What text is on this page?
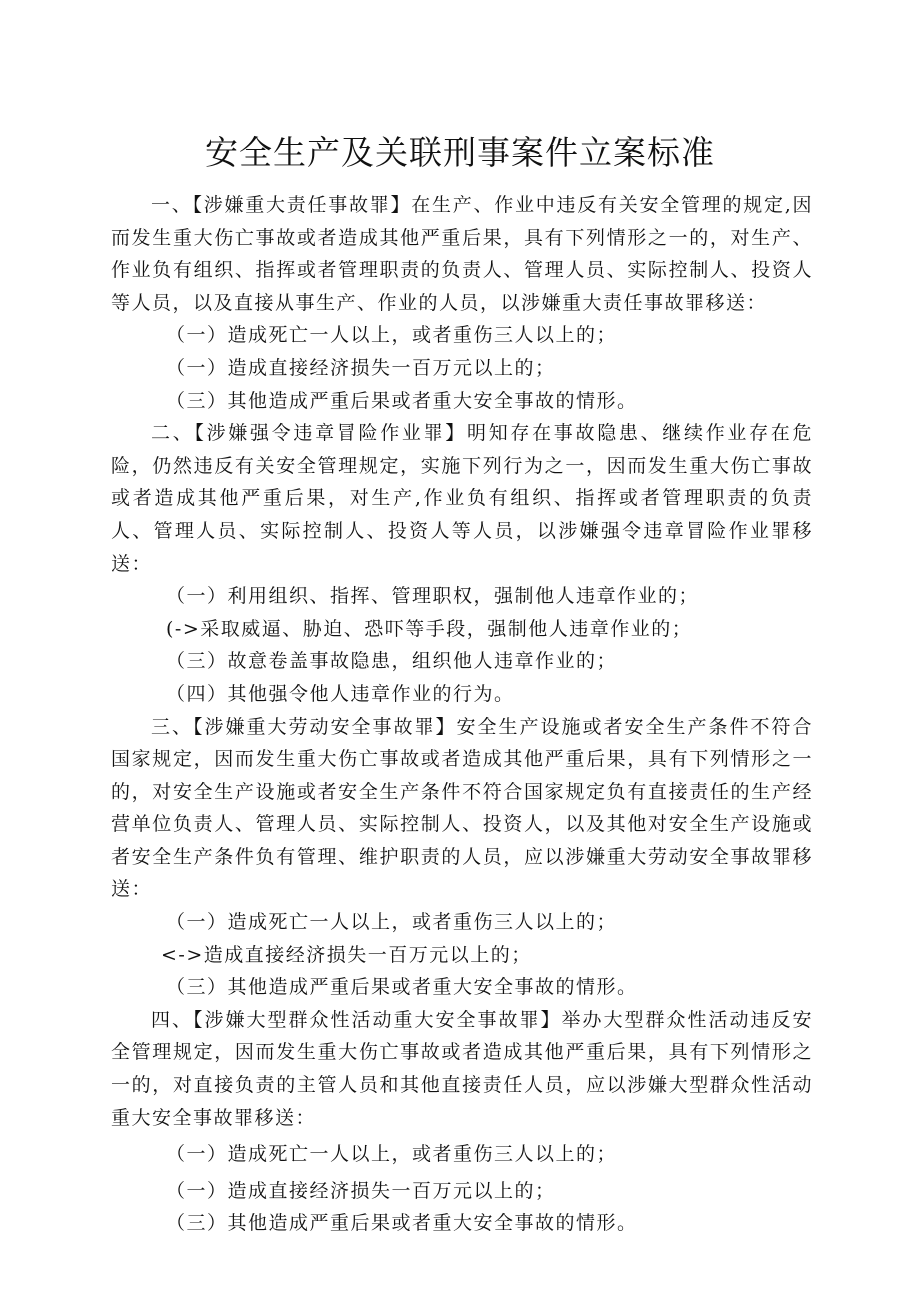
安全生产及关联刑事案件立案标准

一、【涉嫌重大责任事故罪】在生产、作业中违反有关安全管理的规定,因而发生重大伤亡事故或者造成其他严重后果，具有下列情形之一的，对生产、作业负有组织、指挥或者管理职责的负责人、管理人员、实际控制人、投资人等人员，以及直接从事生产、作业的人员，以涉嫌重大责任事故罪移送：

（一）造成死亡一人以上，或者重伤三人以上的；

（一）造成直接经济损失一百万元以上的；

（三）其他造成严重后果或者重大安全事故的情形。

二、【涉嫌强令违章冒险作业罪】明知存在事故隐患、继续作业存在危险，仍然违反有关安全管理规定，实施下列行为之一，因而发生重大伤亡事故或者造成其他严重后果，对生产,作业负有组织、指挥或者管理职责的负责人、管理人员、实际控制人、投资人等人员，以涉嫌强令违章冒险作业罪移送：

（一）利用组织、指挥、管理职权，强制他人违章作业的；

(->采取威逼、胁迫、恐吓等手段，强制他人违章作业的；

（三）故意卷盖事故隐患，组织他人违章作业的；

（四）其他强令他人违章作业的行为。

三、【涉嫌重大劳动安全事故罪】安全生产设施或者安全生产条件不符合国家规定，因而发生重大伤亡事故或者造成其他严重后果，具有下列情形之一的，对安全生产设施或者安全生产条件不符合国家规定负有直接责任的生产经营单位负责人、管理人员、实际控制人、投资人，以及其他对安全生产设施或者安全生产条件负有管理、维护职责的人员，应以涉嫌重大劳动安全事故罪移送：

（一）造成死亡一人以上，或者重伤三人以上的；

<->造成直接经济损失一百万元以上的；

（三）其他造成严重后果或者重大安全事故的情形。

四、【涉嫌大型群众性活动重大安全事故罪】举办大型群众性活动违反安全管理规定，因而发生重大伤亡事故或者造成其他严重后果，具有下列情形之一的，对直接负责的主管人员和其他直接责任人员，应以涉嫌大型群众性活动重大安全事故罪移送：

（一）造成死亡一人以上，或者重伤三人以上的；

（一）造成直接经济损失一百万元以上的；

（三）其他造成严重后果或者重大安全事故的情形。
